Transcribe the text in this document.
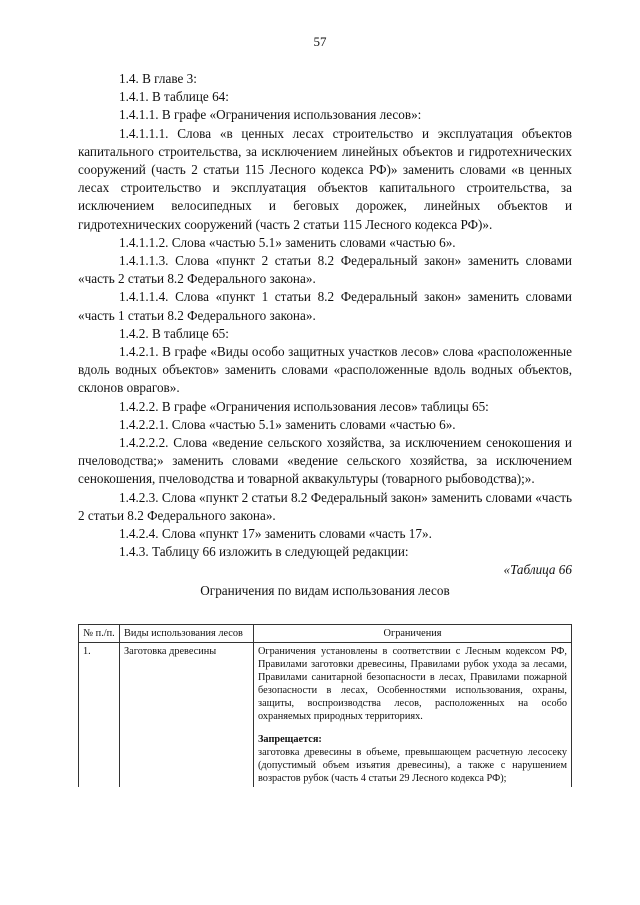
57

1.4. В главе 3:

1.4.1. В таблице 64:

1.4.1.1. В графе «Ограничения использования лесов»:

1.4.1.1.1. Слова «в ценных лесах строительство и эксплуатация объектов капитального строительства, за исключением линейных объектов и гидротехнических сооружений (часть 2 статьи 115 Лесного кодекса РФ)» заменить словами «в ценных лесах строительство и эксплуатация объектов капитального строительства, за исключением велосипедных и беговых дорожек, линейных объектов и гидротехнических сооружений (часть 2 статьи 115 Лесного кодекса РФ)».

1.4.1.1.2. Слова «частью 5.1» заменить словами «частью 6».

1.4.1.1.3. Слова «пункт 2 статьи 8.2 Федеральный закон» заменить словами «часть 2 статьи 8.2 Федерального закона».

1.4.1.1.4. Слова «пункт 1 статьи 8.2 Федеральный закон» заменить словами «часть 1 статьи 8.2 Федерального закона».

1.4.2. В таблице 65:

1.4.2.1. В графе «Виды особо защитных участков лесов» слова «расположенные вдоль водных объектов» заменить словами «расположенные вдоль водных объектов, склонов оврагов».

1.4.2.2. В графе «Ограничения использования лесов» таблицы 65:

1.4.2.2.1. Слова «частью 5.1» заменить словами «частью 6».

1.4.2.2.2. Слова «ведение сельского хозяйства, за исключением сенокошения и пчеловодства;» заменить словами «ведение сельского хозяйства, за исключением сенокошения, пчеловодства и товарной аквакультуры (товарного рыбоводства);».

1.4.2.3. Слова «пункт 2 статьи 8.2 Федеральный закон» заменить словами «часть 2 статьи 8.2 Федерального закона».

1.4.2.4. Слова «пункт 17» заменить словами «часть 17».

1.4.3. Таблицу 66 изложить в следующей редакции:

«Таблица 66

Ограничения по видам использования лесов

№ п./п.	Виды использования лесов	Ограничения
1.	Заготовка древесины	Ограничения установлены в соответствии с Лесным кодексом РФ, Правилами заготовки древесины, Правилами рубок ухода за лесами, Правилами санитарной безопасности в лесах, Правилами пожарной безопасности в лесах, Особенностями использования, охраны, защиты, воспроизводства лесов, расположенных на особо охраняемых природных территориях.
Запрещается:
заготовка древесины в объеме, превышающем расчетную лесосеку (допустимый объем изъятия древесины), а также с нарушением возрастов рубок (часть 4 статьи 29 Лесного кодекса РФ);
